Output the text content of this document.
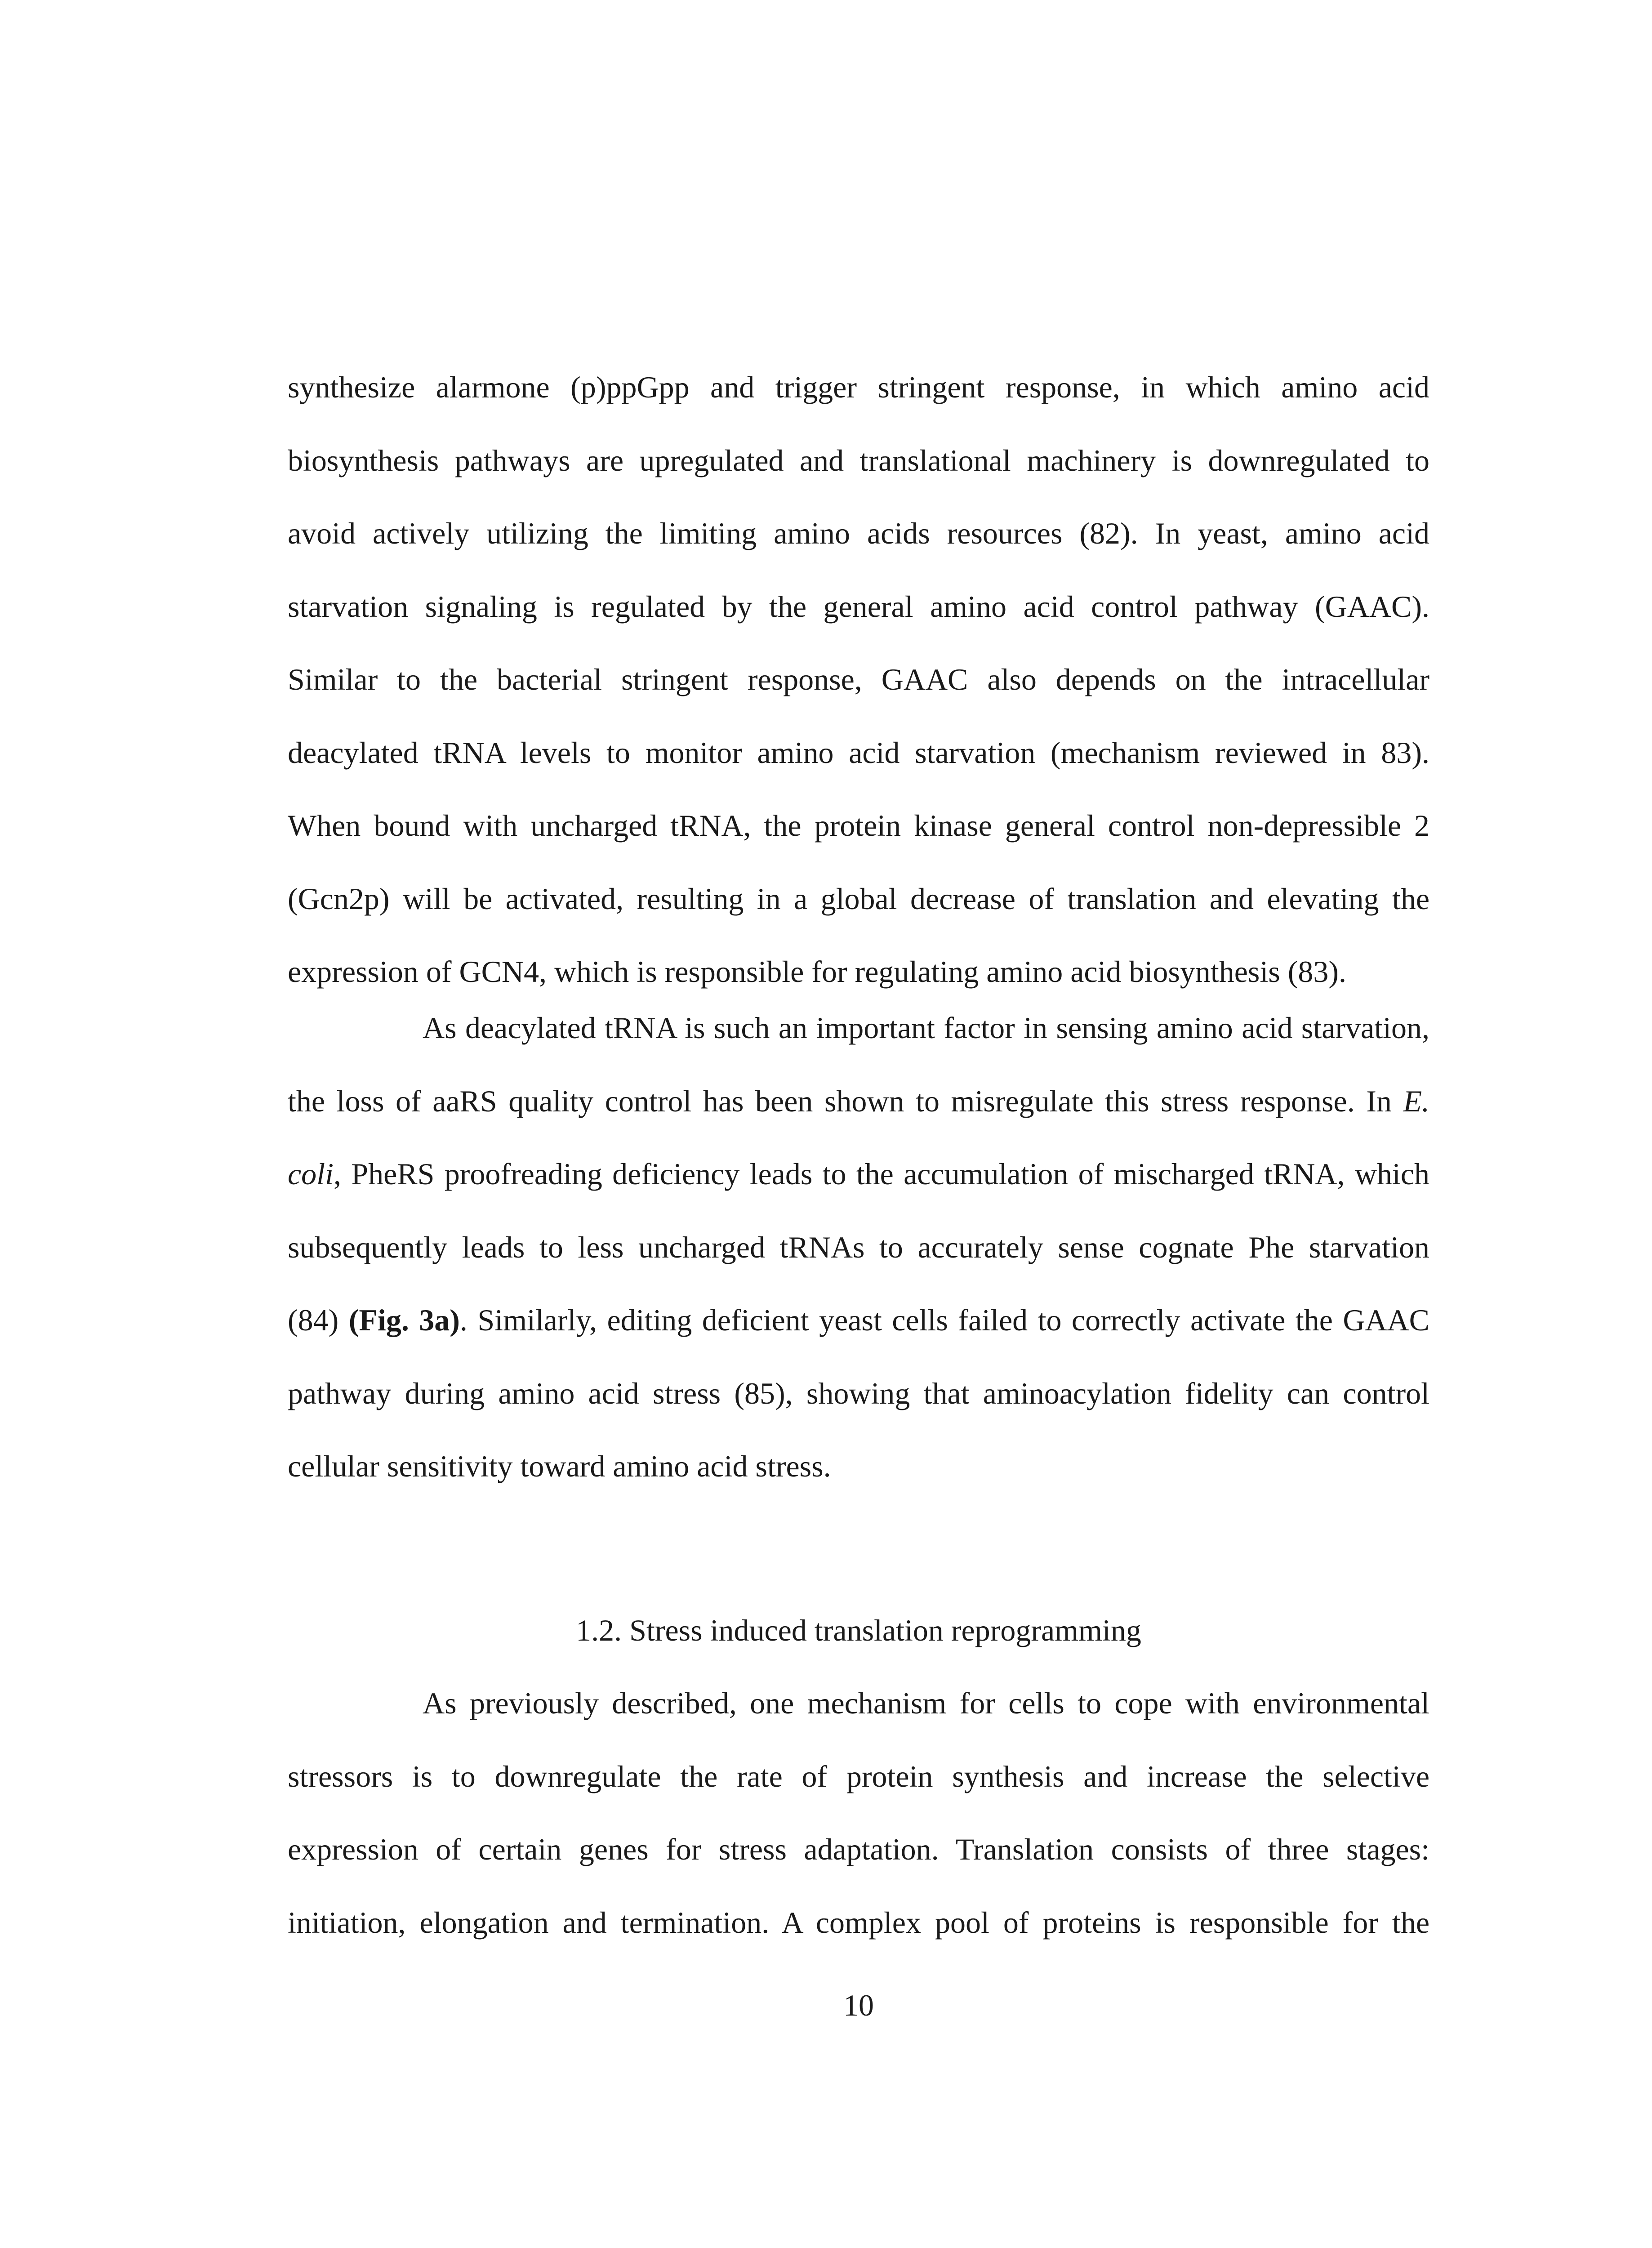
synthesize alarmone (p)ppGpp and trigger stringent response, in which amino acid
biosynthesis pathways are upregulated and translational machinery is downregulated to
avoid actively utilizing the limiting amino acids resources (82). In yeast, amino acid
starvation signaling is regulated by the general amino acid control pathway (GAAC).
Similar to the bacterial stringent response, GAAC also depends on the intracellular
deacylated tRNA levels to monitor amino acid starvation (mechanism reviewed in 83).
When bound with uncharged tRNA, the protein kinase general control non-depressible 2
(Gcn2p) will be activated, resulting in a global decrease of translation and elevating the
expression of GCN4, which is responsible for regulating amino acid biosynthesis (83).
As deacylated tRNA is such an important factor in sensing amino acid starvation,
the loss of aaRS quality control has been shown to misregulate this stress response. In E.
coli, PheRS proofreading deficiency leads to the accumulation of mischarged tRNA, which
subsequently leads to less uncharged tRNAs to accurately sense cognate Phe starvation
(84) (Fig. 3a). Similarly, editing deficient yeast cells failed to correctly activate the GAAC
pathway during amino acid stress (85), showing that aminoacylation fidelity can control
cellular sensitivity toward amino acid stress.
1.2. Stress induced translation reprogramming
As previously described, one mechanism for cells to cope with environmental
stressors is to downregulate the rate of protein synthesis and increase the selective
expression of certain genes for stress adaptation. Translation consists of three stages:
initiation, elongation and termination. A complex pool of proteins is responsible for the
10
